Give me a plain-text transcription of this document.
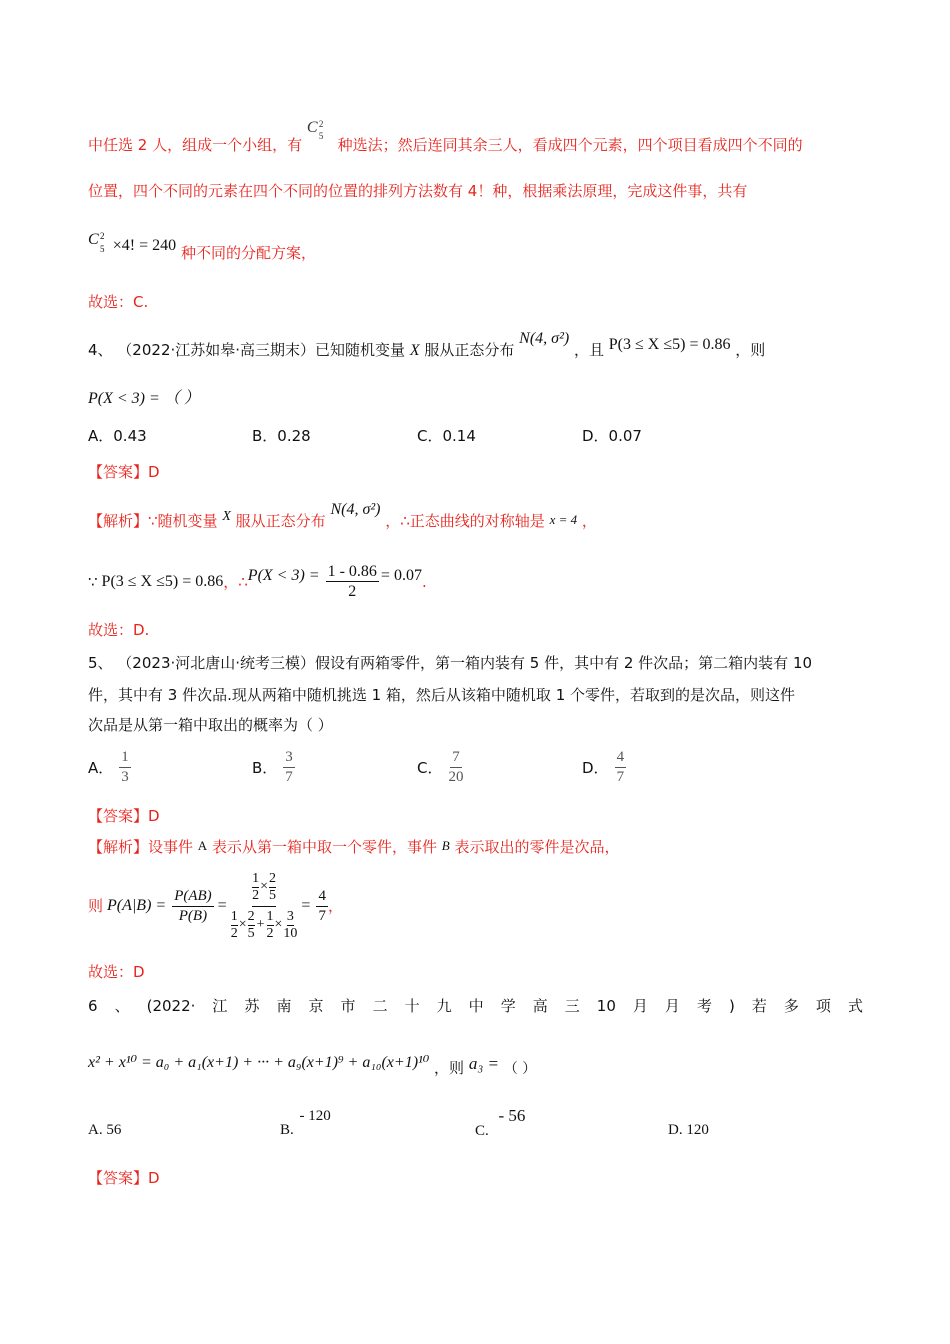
中任选 2 人，组成一个小组，有
C 2
5 种选法；然后连同其余三人，看成四个元素，四个项目看成四个不同的
位置，四个不同的元素在四个不同的位置的排列方法数有 4！种，根据乘法原理，完成这件事，共有
C 2
5 ×4! = 240 种不同的分配方案，
故选：C.
4、 （2022·江苏如皋·高三期末）已知随机变量 X 服从正态分布 N(4, σ²) ，且 P(3 ≤ X ≤5) = 0.86 ，则
P(X < 3) = （ ）
A．0.43	B．0.28	C．0.14	D．0.07
【答案】D
【解析】∵随机变量 X 服从正态分布 N(4, σ²) ，∴正态曲线的对称轴是 x = 4 ，
∵ P(3 ≤ X ≤5) = 0.86 ，∴ $P(X < 3) = \frac{1 - 0.86}{2} = 0.07$ .
故选：D.
5、 （2023·河北唐山·统考三模）假设有两箱零件，第一箱内装有 5 件，其中有 2 件次品；第二箱内装有 10
件，其中有 3 件次品.现从两箱中随机挑选 1 箱，然后从该箱中随机取 1 个零件，若取到的是次品，则这件
次品是从第一箱中取出的概率为（ ）
A． $\frac{1}{3}$	B． $\frac{3}{7}$	C． $\frac{7}{20}$	D． $\frac{4}{7}$
【答案】D
【解析】设事件 A 表示从第一箱中取一个零件，事件 B 表示取出的零件是次品，
则 $P(A|B) = \frac{P(AB)}{P(B)}$ =
$\frac{1}{2} \times \frac{2}{5}$
$\frac{1}{2} \times \frac{2}{5} + \frac{1}{2} \times \frac{3}{10}$
= $\frac{4}{7}$ ，
故选：D
6 、 (2022· 江 苏 南 京 市 二 十 九 中 学 高 三 10 月 月 考 ) 若 多 项 式
x² + x¹⁰ = a₀ + a₁(x+1) + ··· + a₉(x+1)⁹ + a₁₀(x+1)¹⁰ ，则 a₃ = （ ）
A. 56	B. - 120
C. - 56
D. 120
【答案】D
